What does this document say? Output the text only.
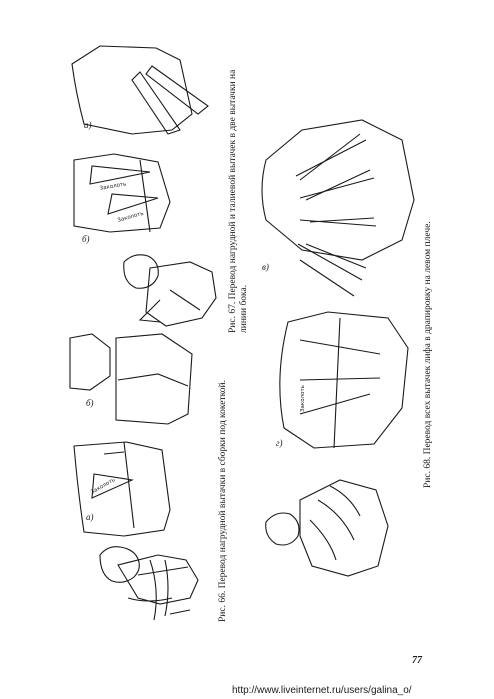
Заколоть
Заколоть
Заколоть
Заколоть
а)
б)
б)
а)
в)
г)
Рис. 66. Перевод нагрудной вытачки в сборки под кокеткой.
Рис. 67. Перевод нагрудной и талиевой вытачек в две вытачки на линии бока.	Рис. 68. Перевод всех вытачек лифа в драпировку на левом плече.
77
http://www.liveinternet.ru/users/galina_o/
